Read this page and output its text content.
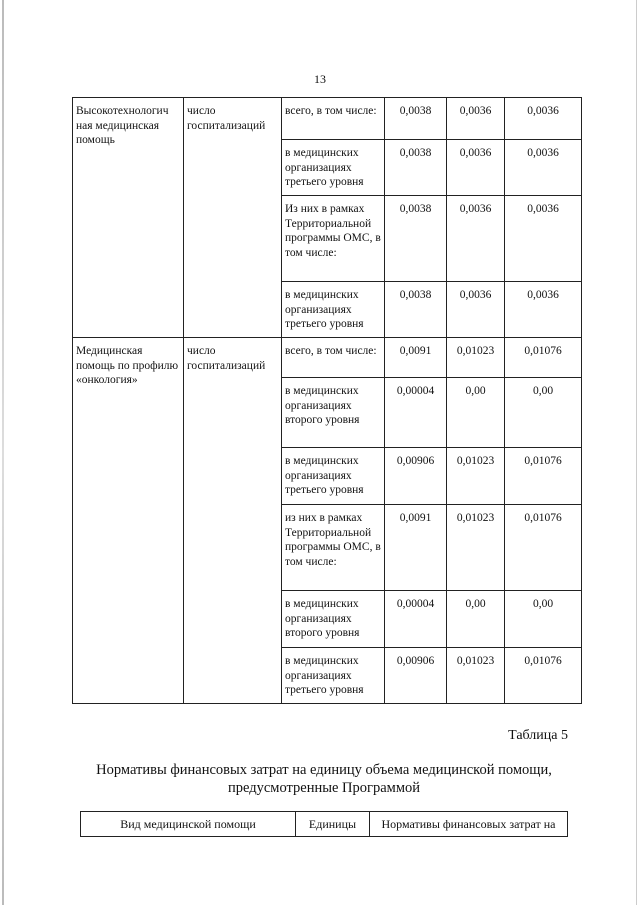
13
Высокотехнологич ная медицинская помощь	число госпитализаций	всего, в том числе:	0,0038	0,0036	0,0036
		в медицинских организациях третьего уровня	0,0038	0,0036	0,0036
		Из них в рамках Территориальной программы ОМС, в том числе:	0,0038	0,0036	0,0036
		в медицинских организациях третьего уровня	0,0038	0,0036	0,0036
Медицинская помощь по профилю «онкология»	число госпитализаций	всего, в том числе:	0,0091	0,01023	0,01076
		в медицинских организациях второго уровня	0,00004	0,00	0,00
		в медицинских организациях третьего уровня	0,00906	0,01023	0,01076
		из них в рамках Территориальной программы ОМС, в том числе:	0,0091	0,01023	0,01076
		в медицинских организациях второго уровня	0,00004	0,00	0,00
		в медицинских организациях третьего уровня	0,00906	0,01023	0,01076
Таблица 5
Нормативы финансовых затрат на единицу объема медицинской помощи, предусмотренные Программой
Вид медицинской помощи	Единицы	Нормативы финансовых затрат на
